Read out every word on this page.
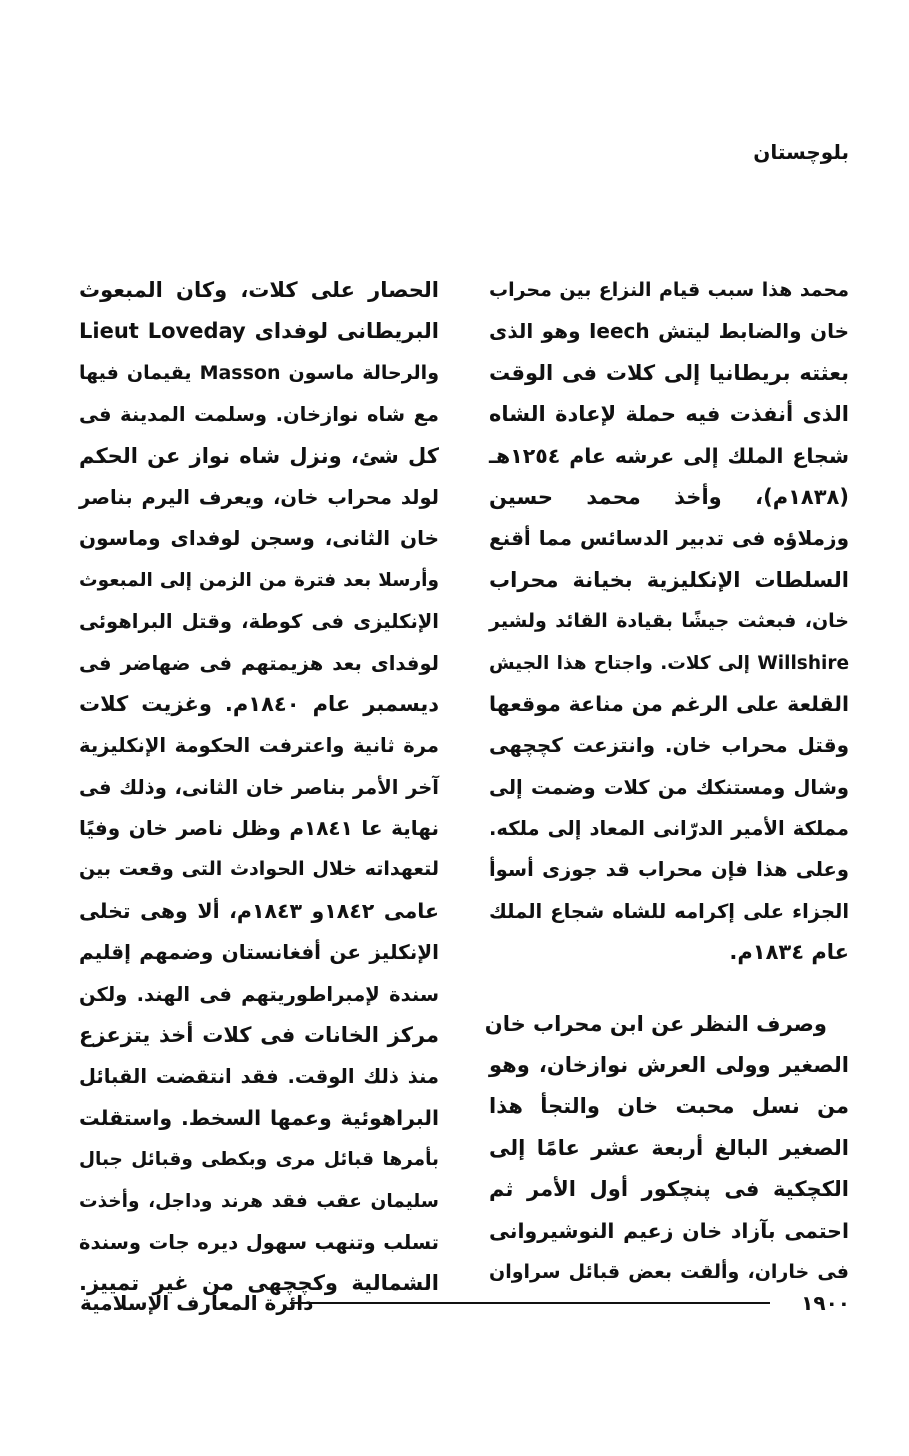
بلوچستان
محمد هذا سبب قيام النزاع بين محراب
خان والضابط ليتش Ieech وهو الذى
بعثته بريطانيا إلى كلات فى الوقت
الذى أنفذت فيه حملة لإعادة الشاه
شجاع الملك إلى عرشه عام ١٢٥٤هـ
(١٨٣٨م)، وأخذ محمد حسين
وزملاؤه فى تدبير الدسائس مما أقنع
السلطات الإنكليزية بخيانة محراب
خان، فبعثت جيشًا بقيادة القائد ولشير
Willshire إلى كلات. واجتاح هذا الجيش
القلعة على الرغم من مناعة موقعها
وقتل محراب خان. وانتزعت كچچهى
وشال ومستنكك من كلات وضمت إلى
مملكة الأمير الدرّانى المعاد إلى ملكه.
وعلى هذا فإن محراب قد جوزى أسوأ
الجزاء على إكرامه للشاه شجاع الملك
عام ١٨٣٤م.
وصرف النظر عن ابن محراب خان
الصغير وولى العرش نوازخان، وهو
من نسل محبت خان والتجأ هذا
الصغير البالغ أربعة عشر عامًا إلى
الكچكية فى پنچكور أول الأمر ثم
احتمى بآزاد خان زعيم النوشيروانى
فى خاران، وألقت بعض قبائل سراوان
الحصار على كلات، وكان المبعوث
البريطانى لوفداى Lieut Loveday
والرحالة ماسون Masson يقيمان فيها
مع شاه نوازخان. وسلمت المدينة فى
كل شئ، ونزل شاه نواز عن الحكم
لولد محراب خان، ويعرف اليرم بناصر
خان الثانى، وسجن لوفداى وماسون
وأرسلا بعد فترة من الزمن إلى المبعوث
الإنكليزى فى كوطة، وقتل البراهوئى
لوفداى بعد هزيمتهم فى ضهاضر فى
ديسمبر عام ١٨٤٠م. وغزيت كلات
مرة ثانية واعترفت الحكومة الإنكليزية
آخر الأمر بناصر خان الثانى، وذلك فى
نهاية عا ١٨٤١م وظل ناصر خان وفيًا
لتعهداته خلال الحوادث التى وقعت بين
عامى ١٨٤٢و ١٨٤٣م، ألا وهى تخلى
الإنكليز عن أفغانستان وضمهم إقليم
سندة لإمبراطوريتهم فى الهند. ولكن
مركز الخانات فى كلات أخذ يتزعزع
منذ ذلك الوقت. فقد انتقضت القبائل
البراهوئية وعمها السخط. واستقلت
بأمرها قبائل مرى وبكطى وقبائل جبال
سليمان عقب فقد هرند وداجل، وأخذت
تسلب وتنهب سهول ديره جات وسندة
الشمالية وكچچهى من غير تمييز.
١٩٠٠
دائرة المعارف الإسلامية
